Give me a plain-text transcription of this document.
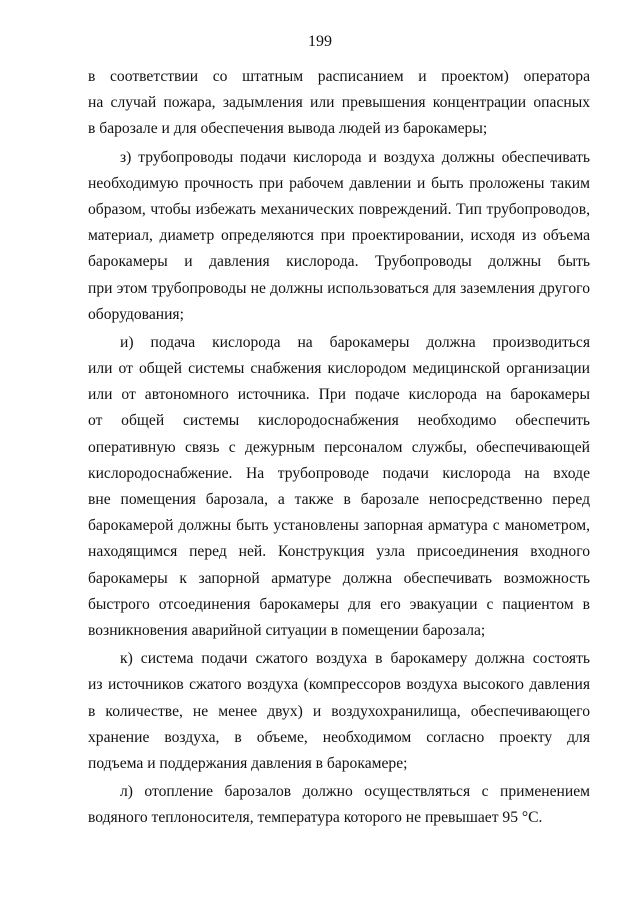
199
в соответствии со штатным расписанием и проектом) оператора
на случай пожара, задымления или превышения концентрации опасных
в барозале и для обеспечения вывода людей из барокамеры;
з) трубопроводы подачи кислорода и воздуха должны обеспечивать
необходимую прочность при рабочем давлении и быть проложены таким
образом, чтобы избежать механических повреждений. Тип трубопроводов,
материал, диаметр определяются при проектировании, исходя из объема
барокамеры и давления кислорода. Трубопроводы должны быть
при этом трубопроводы не должны использоваться для заземления другого
оборудования;
и) подача кислорода на барокамеры должна производиться
или от общей системы снабжения кислородом медицинской организации
или от автономного источника. При подаче кислорода на барокамеры
от общей системы кислородоснабжения необходимо обеспечить
оперативную связь с дежурным персоналом службы, обеспечивающей
кислородоснабжение. На трубопроводе подачи кислорода на входе
вне помещения барозала, а также в барозале непосредственно перед
барокамерой должны быть установлены запорная арматура с манометром,
находящимся перед ней. Конструкция узла присоединения входного
барокамеры к запорной арматуре должна обеспечивать возможность
быстрого отсоединения барокамеры для его эвакуации с пациентом в
возникновения аварийной ситуации в помещении барозала;
к) система подачи сжатого воздуха в барокамеру должна состоять
из источников сжатого воздуха (компрессоров воздуха высокого давления
в количестве, не менее двух) и воздухохранилища, обеспечивающего
хранение воздуха, в объеме, необходимом согласно проекту для
подъема и поддержания давления в барокамере;
л) отопление барозалов должно осуществляться с применением
водяного теплоносителя, температура которого не превышает 95 °С.
